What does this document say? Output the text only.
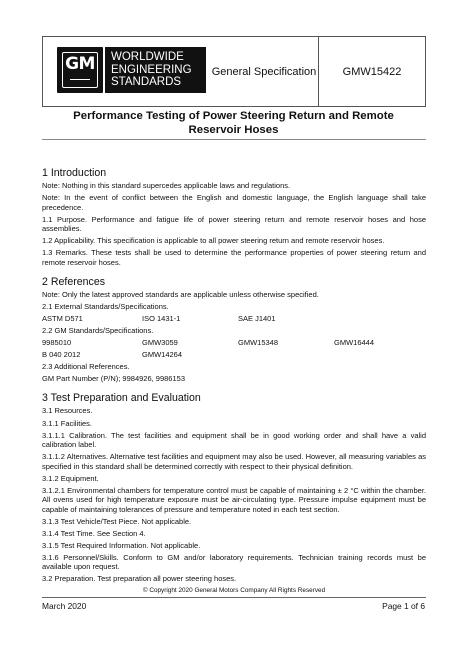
GM WORLDWIDE
ENGINEERING
STANDARDS
General Specification	GMW15422
Performance Testing of Power Steering Return and Remote
Reservoir Hoses
1 Introduction
Note: Nothing in this standard supercedes applicable laws and regulations.
Note: In the event of conflict between the English and domestic language, the English language shall take precedence.
1.1 Purpose. Performance and fatigue life of power steering return and remote reservoir hoses and hose assemblies.
1.2 Applicability. This specification is applicable to all power steering return and remote reservoir hoses.
1.3 Remarks. These tests shall be used to determine the performance properties of power steering return and remote reservoir hoses.
2 References
Note: Only the latest approved standards are applicable unless otherwise specified.
2.1 External Standards/Specifications.
ASTM D571	ISO 1431-1	SAE J1401
2.2 GM Standards/Specifications.
9985010	GMW3059	GMW15348	GMW16444
B 040 2012	GMW14264
2.3 Additional References.
GM Part Number (P/N); 9984926, 9986153
3 Test Preparation and Evaluation
3.1 Resources.
3.1.1 Facilities.
3.1.1.1 Calibration. The test facilities and equipment shall be in good working order and shall have a valid calibration label.
3.1.1.2 Alternatives. Alternative test facilities and equipment may also be used. However, all measuring variables as specified in this standard shall be determined correctly with respect to their physical definition.
3.1.2 Equipment.
3.1.2.1 Environmental chambers for temperature control must be capable of maintaining ± 2 °C within the chamber. All ovens used for high temperature exposure must be air-circulating type. Pressure impulse equipment must be capable of maintaining tolerances of pressure and temperature noted in each test section.
3.1.3 Test Vehicle/Test Piece. Not applicable.
3.1.4 Test Time. See Section 4.
3.1.5 Test Required Information. Not applicable.
3.1.6 Personnel/Skills. Conform to GM and/or laboratory requirements. Technician training records must be available upon request.
3.2 Preparation. Test preparation all power steering hoses.
© Copyright 2020 General Motors Company All Rights Reserved
March 2020	Page 1 of 6
